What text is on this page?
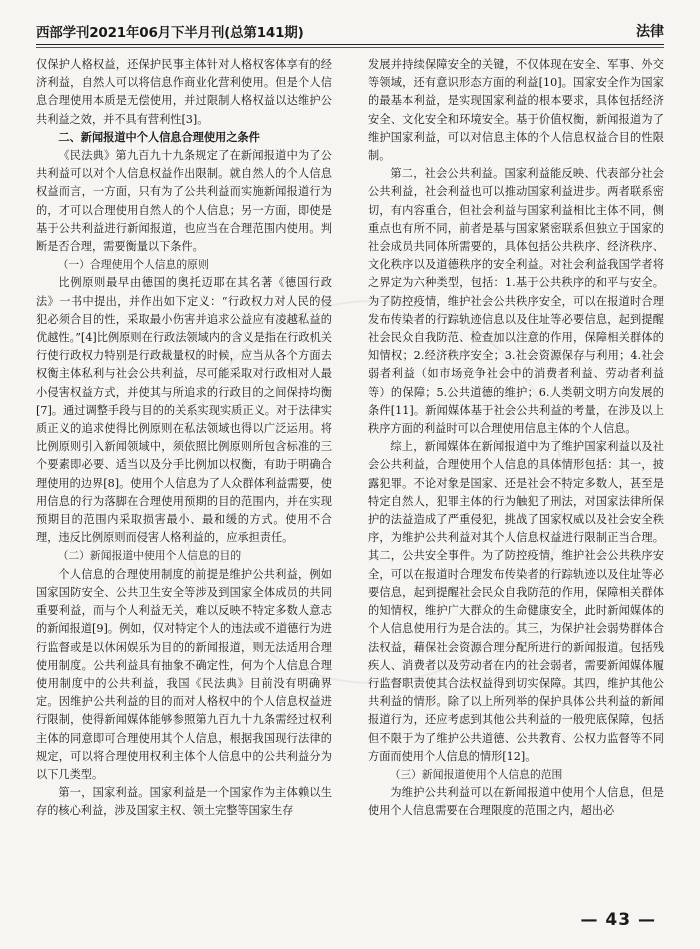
西部学刊2021年06月下半月刊(总第141期)	法律

仅保护人格权益，还保护民事主体针对人格权客体享有的经济利益，自然人可以将信息作商业化营利使用。但是个人信息合理使用本质是无偿使用，并过限制人格权益以达维护公共利益之效，并不具有营利性[3]。

二、新闻报道中个人信息合理使用之条件

《民法典》第九百九十九条规定了在新闻报道中为了公共利益可以对个人信息权益作出限制。就自然人的个人信息权益而言，一方面，只有为了公共利益而实施新闻报道行为的，才可以合理使用自然人的个人信息；另一方面，即使是基于公共利益进行新闻报道，也应当在合理范围内使用。判断是否合理，需要衡量以下条件。

（一）合理使用个人信息的原则

比例原则最早由德国的奥托迈耶在其名著《德国行政法》一书中提出，并作出如下定义：“行政权力对人民的侵犯必须合目的性，采取最小伤害并追求公益应有凌越私益的优越性。”[4]比例原则在行政法领域内的含义是指在行政机关行使行政权力特别是行政裁量权的时候，应当从各个方面去权衡主体私利与社会公共利益，尽可能采取对行政相对人最小侵害权益方式，并使其与所追求的行政目的之间保持均衡[7]。通过调整手段与目的的关系实现实质正义。对于法律实质正义的追求使得比例原则在私法领域也得以广泛运用。将比例原则引入新闻领域中，须依照比例原则所包含标准的三个要素即必要、适当以及分手比例加以权衡，有助于明确合理使用的边界[8]。使用个人信息为了人众群体利益需要，使用信息的行为落脚在合理使用预期的目的范围内，并在实现预期目的范围内采取损害最小、最和缓的方式。使用不合理，违反比例原则而侵害人格利益的，应承担责任。

（二）新闻报道中使用个人信息的目的

个人信息的合理使用制度的前提是维护公共利益，例如国家国防安全、公共卫生安全等涉及到国家全体成员的共同重要利益，而与个人利益无关，难以反映不特定多数人意志的新闻报道[9]。例如，仅对特定个人的违法或不道德行为进行监督或是以休闲娱乐为目的的新闻报道，则无法适用合理使用制度。公共利益具有抽象不确定性，何为个人信息合理使用制度中的公共利益，我国《民法典》目前没有明确界定。因维护公共利益的目的而对人格权中的个人信息权益进行限制，使得新闻媒体能够参照第九百九十九条需经过权利主体的同意即可合理使用其个人信息，根据我国现行法律的规定，可以将合理使用权利主体个人信息中的公共利益分为以下几类型。

第一，国家利益。国家利益是一个国家作为主体赖以生存的核心利益，涉及国家主权、领土完整等国家生存

发展并持续保障安全的关键，不仅体现在安全、军事、外交等领域，还有意识形态方面的利益[10]。国家安全作为国家的最基本利益，是实现国家利益的根本要求，具体包括经济安全、文化安全和环境安全。基于价值权衡，新闻报道为了维护国家利益，可以对信息主体的个人信息权益合目的性限制。

第二，社会公共利益。国家利益能反映、代表部分社会公共利益，社会利益也可以推动国家利益进步。两者联系密切，有内容重合，但社会利益与国家利益相比主体不同，侧重点也有所不同，前者是基与国家紧密联系但独立于国家的社会成员共同体所需要的，具体包括公共秩序、经济秩序、文化秩序以及道德秩序的安全利益。对社会利益我国学者将之界定为六种类型，包括：1.基于公共秩序的和平与安全。为了防控疫情，维护社会公共秩序安全，可以在报道时合理发布传染者的行踪轨迹信息以及住址等必要信息，起到提醒社会民众自我防范、检查加以注意的作用，保障相关群体的知情权；2.经济秩序安全；3.社会资源保存与利用；4.社会弱者利益（如市场竞争社会中的消费者利益、劳动者利益等）的保障；5.公共道德的维护；6.人类朝文明方向发展的条件[11]。新闻媒体基于社会公共利益的考量，在涉及以上秩序方面的利益时可以合理使用信息主体的个人信息。

综上，新闻媒体在新闻报道中为了维护国家利益以及社会公共利益，合理使用个人信息的具体情形包括：其一，披露犯罪。不论对象是国家、还是社会不特定多数人，甚至是特定自然人，犯罪主体的行为触犯了刑法，对国家法律所保护的法益造成了严重侵犯，挑战了国家权威以及社会安全秩序，为维护公共利益对其个人信息权益进行限制正当合理。其二，公共安全事件。为了防控疫情，维护社会公共秩序安全，可以在报道时合理发布传染者的行踪轨迹以及住址等必要信息，起到提醒社会民众自我防范的作用，保障相关群体的知情权，维护广大群众的生命健康安全，此时新闻媒体的个人信息使用行为是合法的。其三，为保护社会弱势群体合法权益，藉保社会资源合理分配所进行的新闻报道。包括残疾人、消费者以及劳动者在内的社会弱者，需要新闻媒体履行监督职责使其合法权益得到切实保障。其四，维护其他公共利益的情形。除了以上所列举的保护具体公共利益的新闻报道行为，还应考虑到其他公共利益的一般兜底保障，包括但不限于为了维护公共道德、公共教育、公权力监督等不同方面而使用个人信息的情形[12]。

（三）新闻报道使用个人信息的范围

为维护公共利益可以在新闻报道中使用个人信息，但是使用个人信息需要在合理限度的范围之内，超出必

— 43 —
